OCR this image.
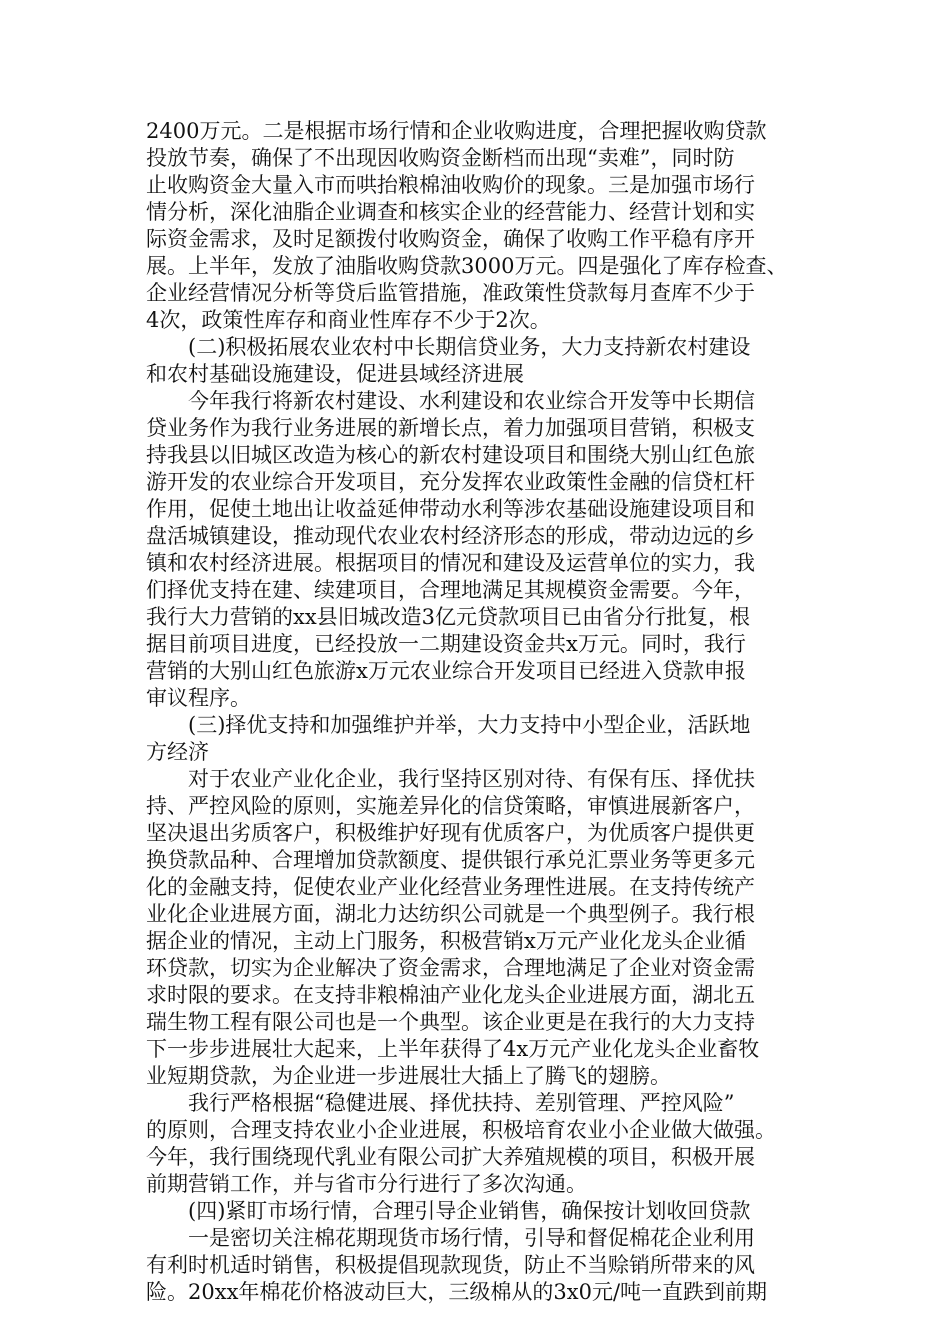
2400万元。二是根据市场行情和企业收购进度，合理把握收购贷款
投放节奏，确保了不出现因收购资金断档而出现“卖难”，同时防
止收购资金大量入市而哄抬粮棉油收购价的现象。三是加强市场行
情分析，深化油脂企业调查和核实企业的经营能力、经营计划和实
际资金需求，及时足额拨付收购资金，确保了收购工作平稳有序开
展。上半年，发放了油脂收购贷款3000万元。四是强化了库存检查、
企业经营情况分析等贷后监管措施，准政策性贷款每月查库不少于
4次，政策性库存和商业性库存不少于2次。
(二)积极拓展农业农村中长期信贷业务，大力支持新农村建设
和农村基础设施建设，促进县域经济进展
今年我行将新农村建设、水利建设和农业综合开发等中长期信
贷业务作为我行业务进展的新增长点，着力加强项目营销，积极支
持我县以旧城区改造为核心的新农村建设项目和围绕大别山红色旅
游开发的农业综合开发项目，充分发挥农业政策性金融的信贷杠杆
作用，促使土地出让收益延伸带动水利等涉农基础设施建设项目和
盘活城镇建设，推动现代农业农村经济形态的形成，带动边远的乡
镇和农村经济进展。根据项目的情况和建设及运营单位的实力，我
们择优支持在建、续建项目，合理地满足其规模资金需要。今年，
我行大力营销的xx县旧城改造3亿元贷款项目已由省分行批复，根
据目前项目进度，已经投放一二期建设资金共x万元。同时，我行
营销的大别山红色旅游x万元农业综合开发项目已经进入贷款申报
审议程序。
(三)择优支持和加强维护并举，大力支持中小型企业，活跃地
方经济
对于农业产业化企业，我行坚持区别对待、有保有压、择优扶
持、严控风险的原则，实施差异化的信贷策略，审慎进展新客户，
坚决退出劣质客户，积极维护好现有优质客户，为优质客户提供更
换贷款品种、合理增加贷款额度、提供银行承兑汇票业务等更多元
化的金融支持，促使农业产业化经营业务理性进展。在支持传统产
业化企业进展方面，湖北力达纺织公司就是一个典型例子。我行根
据企业的情况，主动上门服务，积极营销x万元产业化龙头企业循
环贷款，切实为企业解决了资金需求，合理地满足了企业对资金需
求时限的要求。在支持非粮棉油产业化龙头企业进展方面，湖北五
瑞生物工程有限公司也是一个典型。该企业更是在我行的大力支持
下一步步进展壮大起来，上半年获得了4x万元产业化龙头企业畜牧
业短期贷款，为企业进一步进展壮大插上了腾飞的翅膀。
我行严格根据“稳健进展、择优扶持、差别管理、严控风险”
的原则，合理支持农业小企业进展，积极培育农业小企业做大做强。
今年，我行围绕现代乳业有限公司扩大养殖规模的项目，积极开展
前期营销工作，并与省市分行进行了多次沟通。
(四)紧盯市场行情，合理引导企业销售，确保按计划收回贷款
一是密切关注棉花期现货市场行情，引导和督促棉花企业利用
有利时机适时销售，积极提倡现款现货，防止不当赊销所带来的风
险。20xx年棉花价格波动巨大，三级棉从的3x0元/吨一直跌到前期
